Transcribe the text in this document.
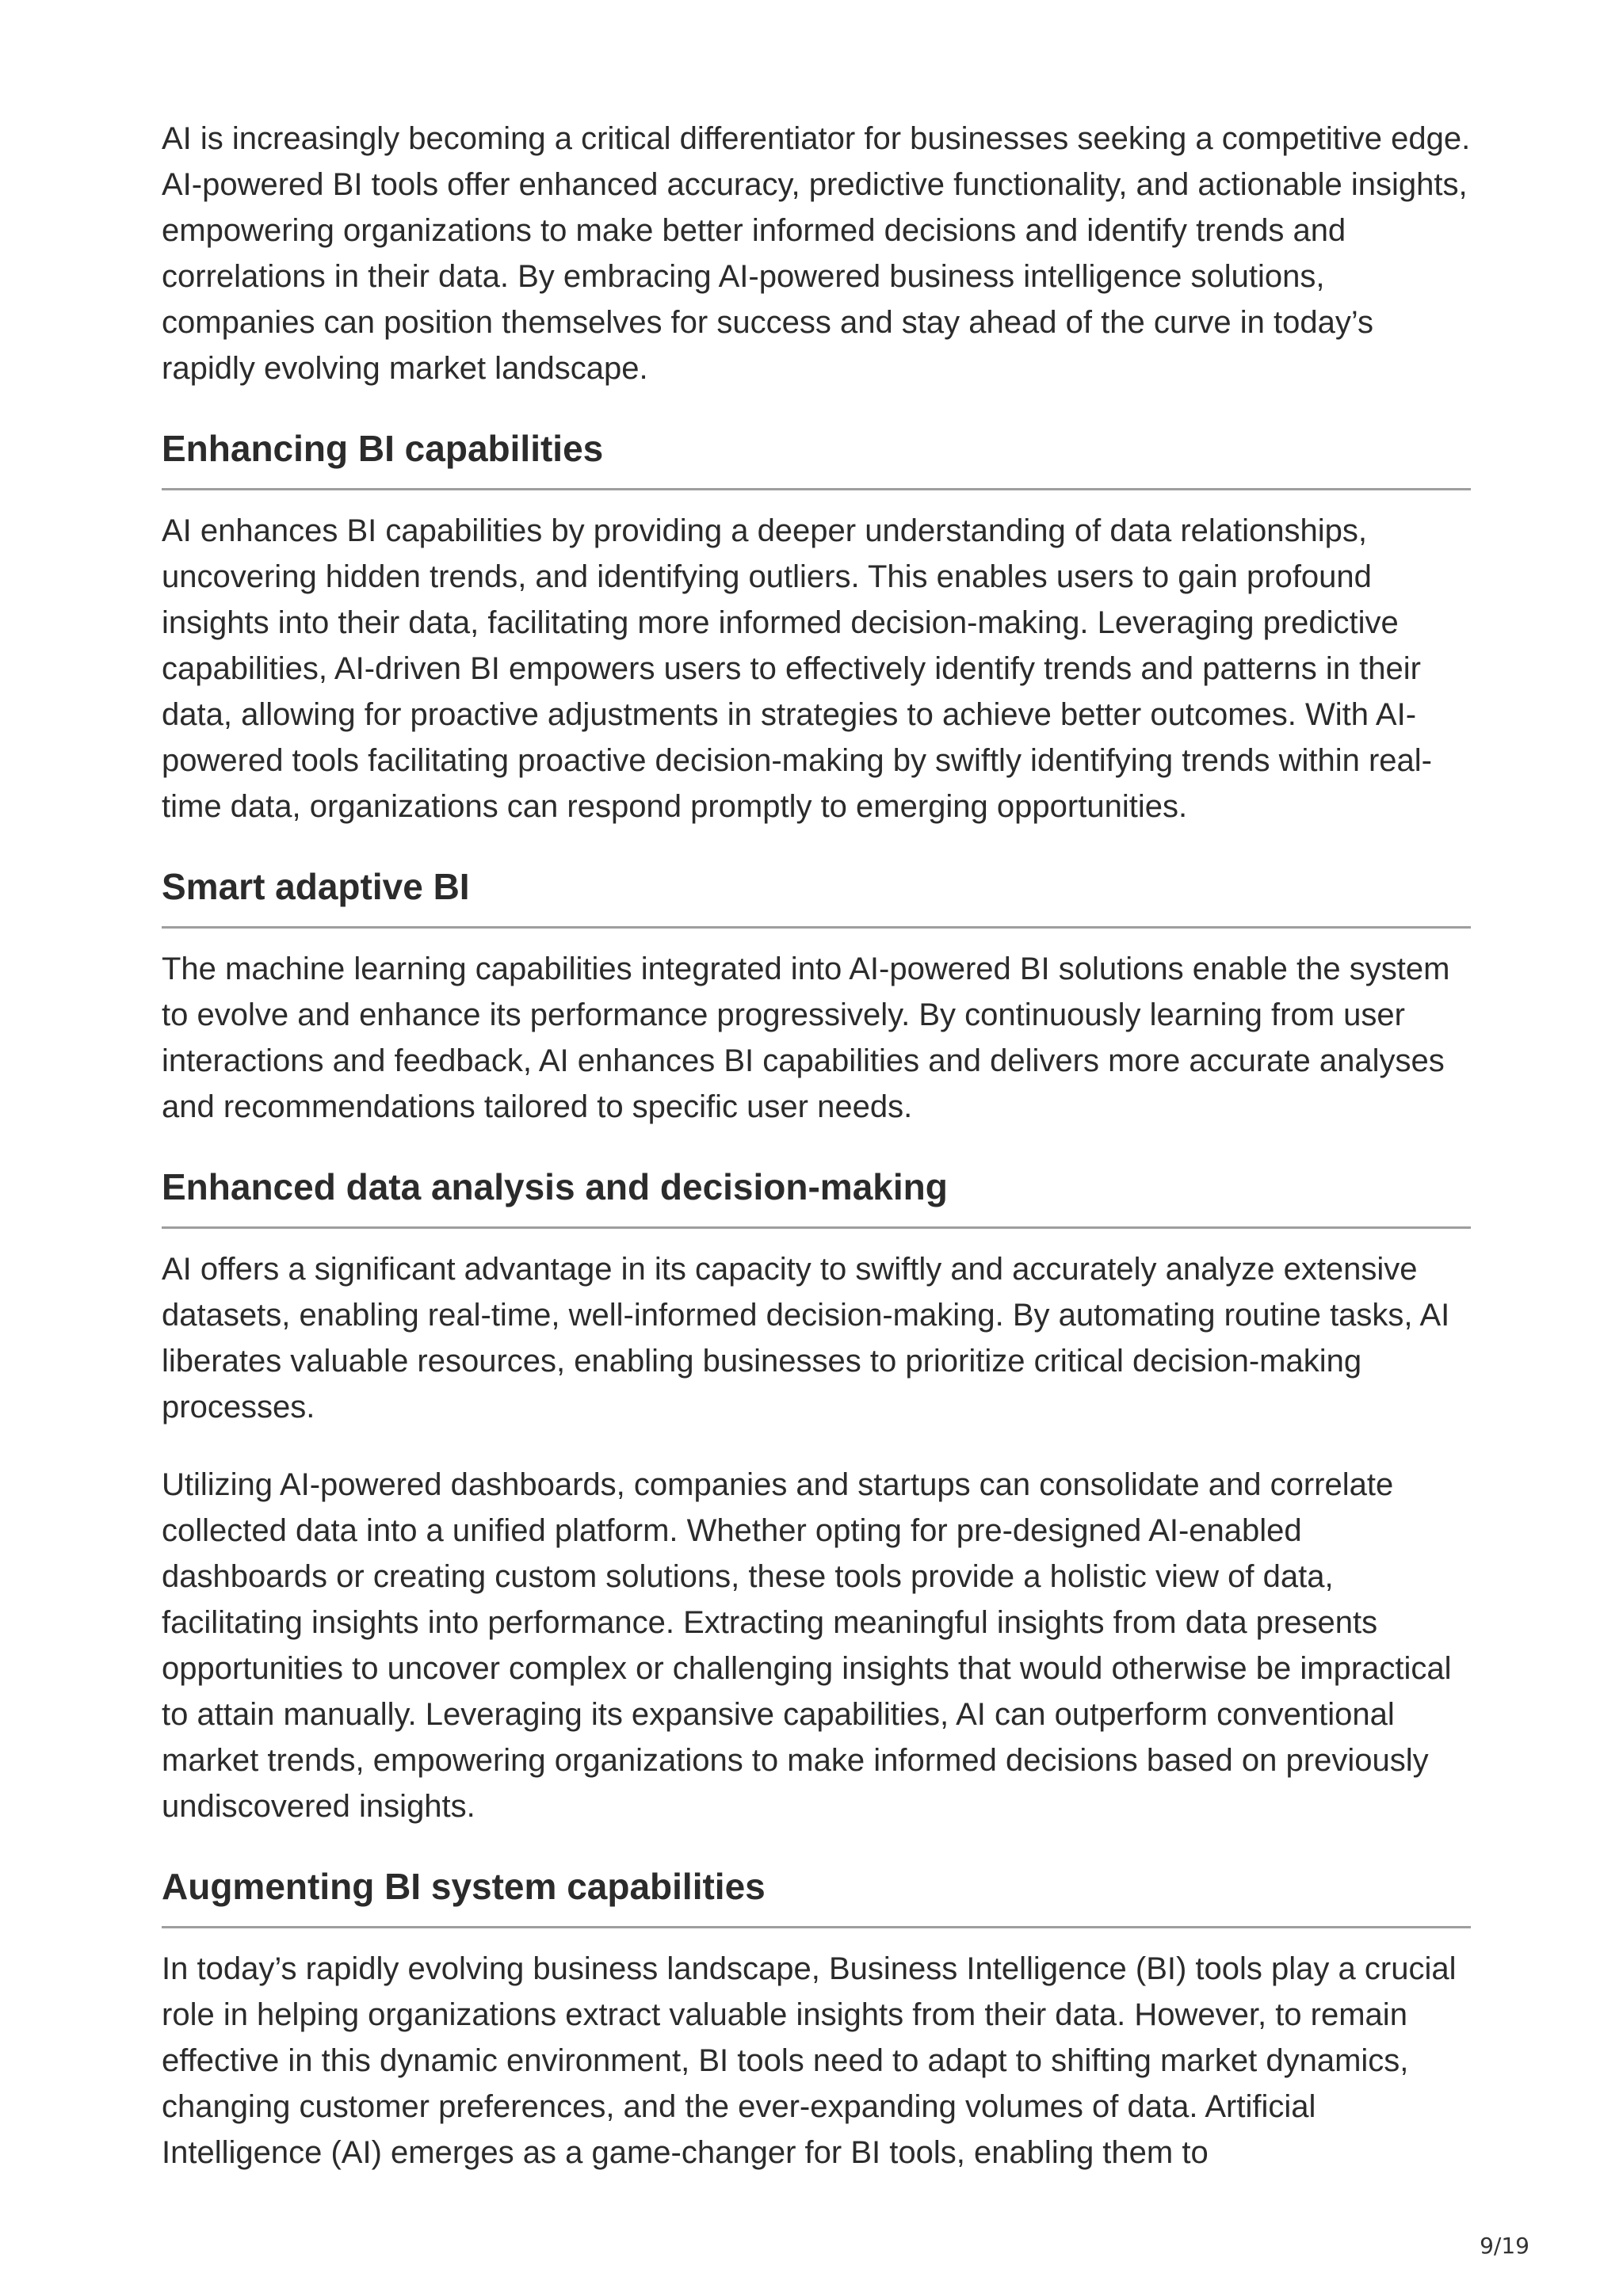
AI is increasingly becoming a critical differentiator for businesses seeking a competitive edge. AI-powered BI tools offer enhanced accuracy, predictive functionality, and actionable insights, empowering organizations to make better informed decisions and identify trends and correlations in their data. By embracing AI-powered business intelligence solutions, companies can position themselves for success and stay ahead of the curve in today’s rapidly evolving market landscape.

Enhancing BI capabilities

AI enhances BI capabilities by providing a deeper understanding of data relationships, uncovering hidden trends, and identifying outliers. This enables users to gain profound insights into their data, facilitating more informed decision-making. Leveraging predictive capabilities, AI-driven BI empowers users to effectively identify trends and patterns in their data, allowing for proactive adjustments in strategies to achieve better outcomes. With AI-powered tools facilitating proactive decision-making by swiftly identifying trends within real-time data, organizations can respond promptly to emerging opportunities.

Smart adaptive BI

The machine learning capabilities integrated into AI-powered BI solutions enable the system to evolve and enhance its performance progressively. By continuously learning from user interactions and feedback, AI enhances BI capabilities and delivers more accurate analyses and recommendations tailored to specific user needs.

Enhanced data analysis and decision-making

AI offers a significant advantage in its capacity to swiftly and accurately analyze extensive datasets, enabling real-time, well-informed decision-making. By automating routine tasks, AI liberates valuable resources, enabling businesses to prioritize critical decision-making processes.

Utilizing AI-powered dashboards, companies and startups can consolidate and correlate collected data into a unified platform. Whether opting for pre-designed AI-enabled dashboards or creating custom solutions, these tools provide a holistic view of data, facilitating insights into performance. Extracting meaningful insights from data presents opportunities to uncover complex or challenging insights that would otherwise be impractical to attain manually. Leveraging its expansive capabilities, AI can outperform conventional market trends, empowering organizations to make informed decisions based on previously undiscovered insights.

Augmenting BI system capabilities

In today’s rapidly evolving business landscape, Business Intelligence (BI) tools play a crucial role in helping organizations extract valuable insights from their data. However, to remain effective in this dynamic environment, BI tools need to adapt to shifting market dynamics, changing customer preferences, and the ever-expanding volumes of data. Artificial Intelligence (AI) emerges as a game-changer for BI tools, enabling them to

9/19
